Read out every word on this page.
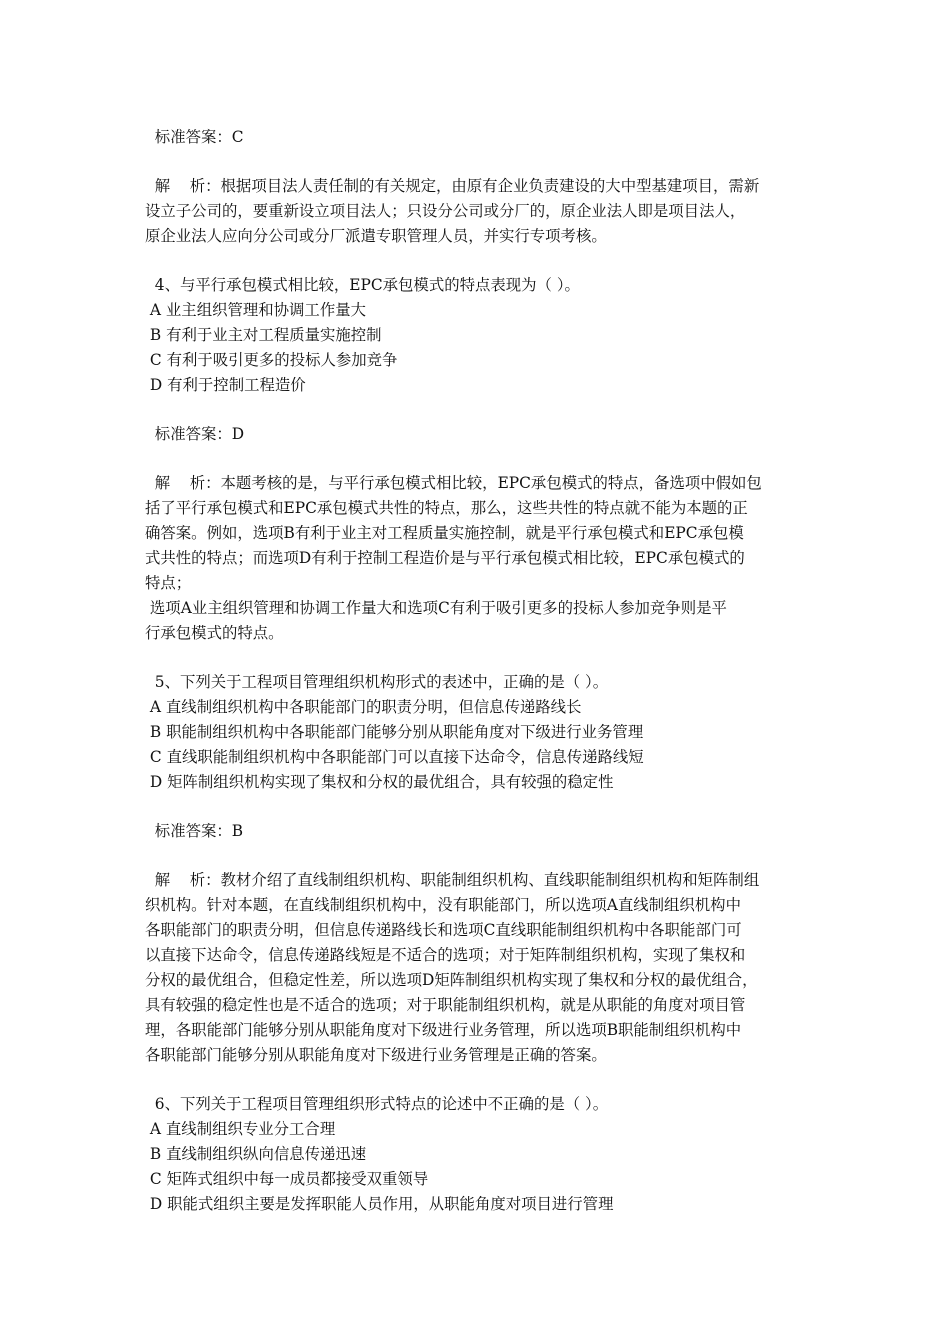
标准答案：C
解    析：根据项目法人责任制的有关规定，由原有企业负责建设的大中型基建项目，需新
设立子公司的，要重新设立项目法人；只设分公司或分厂的，原企业法人即是项目法人，
原企业法人应向分公司或分厂派遣专职管理人员，并实行专项考核。
4、与平行承包模式相比较，EPC承包模式的特点表现为（ ）。
A 业主组织管理和协调工作量大
B 有利于业主对工程质量实施控制
C 有利于吸引更多的投标人参加竞争
D 有利于控制工程造价
标准答案：D
解    析：本题考核的是，与平行承包模式相比较，EPC承包模式的特点，备选项中假如包
括了平行承包模式和EPC承包模式共性的特点，那么，这些共性的特点就不能为本题的正
确答案。例如，选项B有利于业主对工程质量实施控制，就是平行承包模式和EPC承包模
式共性的特点；而选项D有利于控制工程造价是与平行承包模式相比较，EPC承包模式的
特点；
选项A业主组织管理和协调工作量大和选项C有利于吸引更多的投标人参加竞争则是平
行承包模式的特点。
5、下列关于工程项目管理组织机构形式的表述中，正确的是（ ）。
A 直线制组织机构中各职能部门的职责分明，但信息传递路线长
B 职能制组织机构中各职能部门能够分别从职能角度对下级进行业务管理
C 直线职能制组织机构中各职能部门可以直接下达命令，信息传递路线短
D 矩阵制组织机构实现了集权和分权的最优组合，具有较强的稳定性
标准答案：B
解    析：教材介绍了直线制组织机构、职能制组织机构、直线职能制组织机构和矩阵制组
织机构。针对本题，在直线制组织机构中，没有职能部门，所以选项A直线制组织机构中
各职能部门的职责分明，但信息传递路线长和选项C直线职能制组织机构中各职能部门可
以直接下达命令，信息传递路线短是不适合的选项；对于矩阵制组织机构，实现了集权和
分权的最优组合，但稳定性差，所以选项D矩阵制组织机构实现了集权和分权的最优组合，
具有较强的稳定性也是不适合的选项；对于职能制组织机构，就是从职能的角度对项目管
理，各职能部门能够分别从职能角度对下级进行业务管理，所以选项B职能制组织机构中
各职能部门能够分别从职能角度对下级进行业务管理是正确的答案。
6、下列关于工程项目管理组织形式特点的论述中不正确的是（ ）。
A 直线制组织专业分工合理
B 直线制组织纵向信息传递迅速
C 矩阵式组织中每一成员都接受双重领导
D 职能式组织主要是发挥职能人员作用，从职能角度对项目进行管理
